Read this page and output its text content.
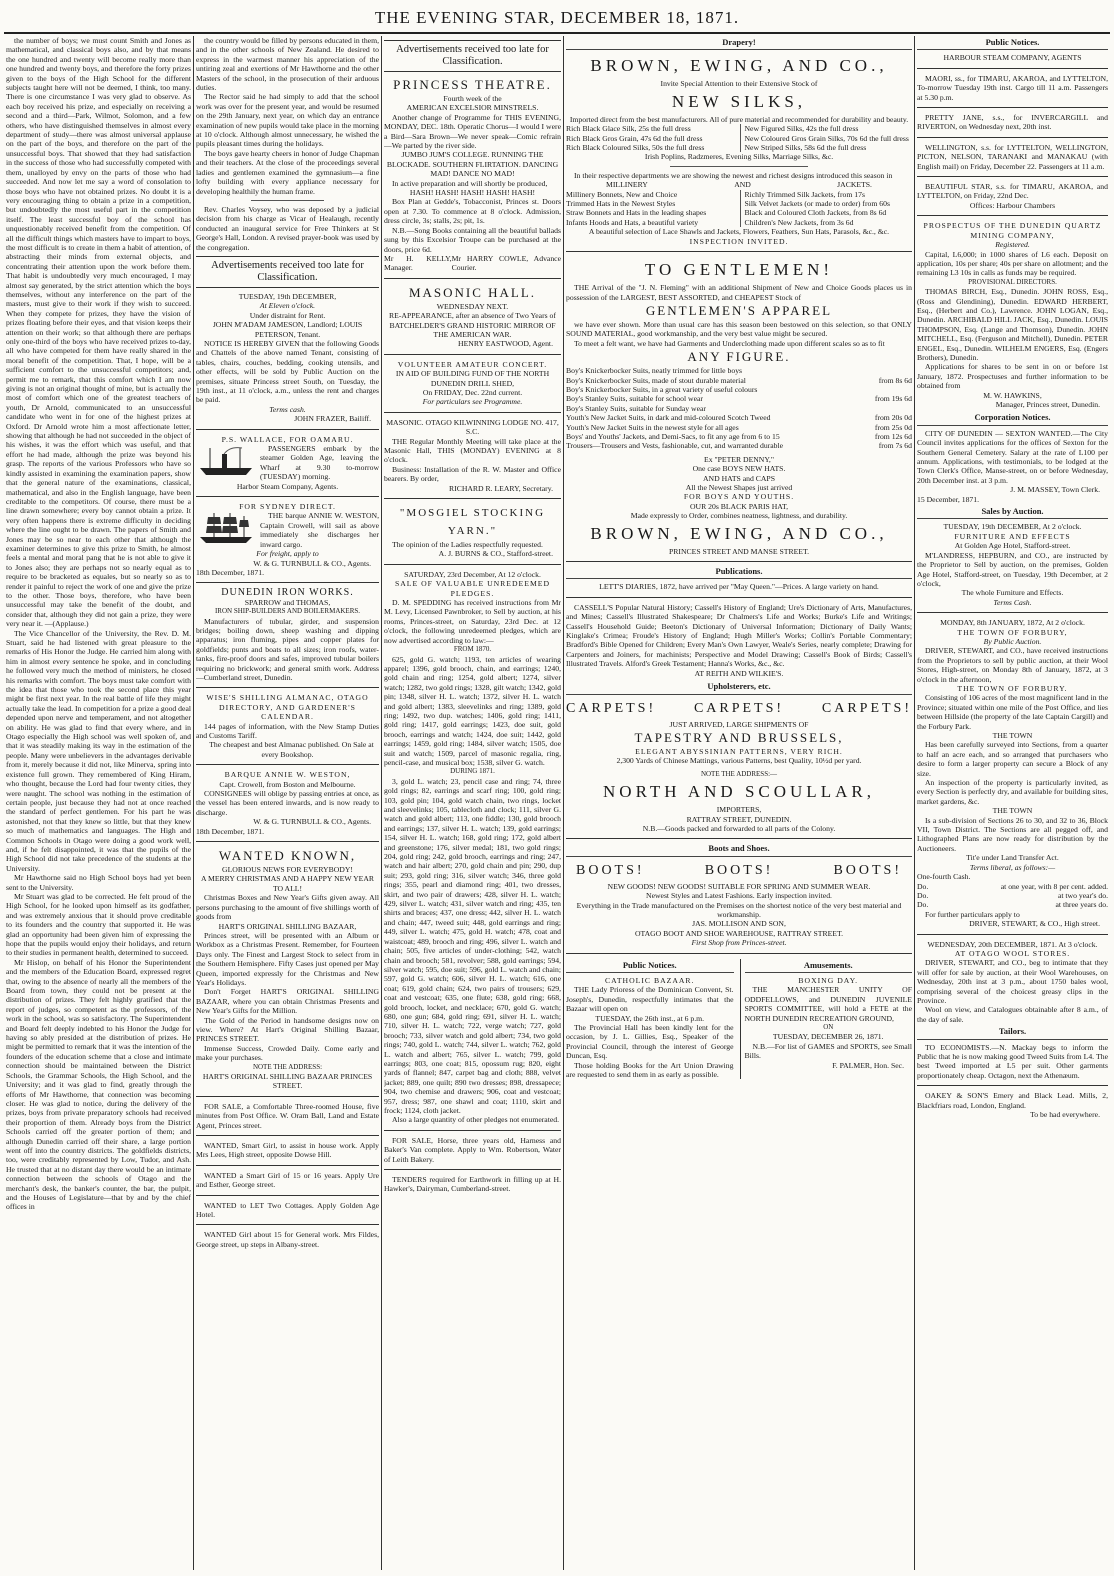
THE EVENING STAR, DECEMBER 18, 1871.

the number of boys; we must count Smith and Jones as mathematical, and classical boys also, and by that means the one hundred and twenty will become really more than one hundred and twenty boys, and therefore the forty prizes given to the boys of the High School for the different subjects taught here will not be deemed, I think, too many. There is one circumstance I was very glad to observe. As each boy received his prize, and especially on receiving a second and a third—Park, Wilmot, Solomon, and a few others, who have distinguished themselves in almost every department of study—there was almost universal applause on the part of the boys, and therefore on the part of the unsuccessful boys. That showed that they had satisfaction in the success of those who had successfully competed with them, unalloyed by envy on the parts of those who had succeeded. And now let me say a word of consolation to those boys who have not obtained prizes. No doubt it is a very encouraging thing to obtain a prize in a competition, but undoubtedly the most useful part in the competition itself. The least successful boy of the school has unquestionably received benefit from the competition. Of all the difficult things which masters have to impart to boys, the most difficult is to create in them a habit of attention, of abstracting their minds from external objects, and concentrating their attention upon the work before them. That habit is undoubtedly very much encouraged, I may almost say generated, by the strict attention which the boys themselves, without any interference on the part of the masters, must give to their work if they wish to succeed. When they compete for prizes, they have the vision of prizes floating before their eyes, and that vision keeps their attention on their work; so that although there are perhaps only one-third of the boys who have received prizes to-day, all who have competed for them have really shared in the moral benefit of the competition. That, I hope, will be a sufficient comfort to the unsuccessful competitors; and, permit me to remark, that this comfort which I am now giving is not an original thought of mine, but is actually the most of comfort which one of the greatest teachers of youth, Dr Arnold, communicated to an unsuccessful candidate who went in for one of the highest prizes at Oxford. Dr Arnold wrote him a most affectionate letter, showing that although he had not succeeded in the object of his wishes, it was the effort which was useful, and that effort he had made, although the prize was beyond his grasp. The reports of the various Professors who have so kindly assisted in examining the examination papers, show that the general nature of the examinations, classical, mathematical, and also in the English language, have been creditable to the competitors. Of course, there must be a line drawn somewhere; every boy cannot obtain a prize. It very often happens there is extreme difficulty in deciding where the line ought to be drawn. The papers of Smith and Jones may be so near to each other that although the examiner determines to give this prize to Smith, he almost feels a mental and moral pang that he is not able to give it to Jones also; they are perhaps not so nearly equal as to require to be bracketed as equales, but so nearly so as to render it painful to reject the work of one and give the prize to the other. Those boys, therefore, who have been unsuccessful may take the benefit of the doubt, and consider that, although they did not gain a prize, they were very near it. —(Applause.)

The Vice Chancellor of the University, the Rev. D. M. Stuart, said he had listened with great pleasure to the remarks of His Honor the Judge. He carried him along with him in almost every sentence he spoke, and in concluding he followed very much the method of ministers, he closed his remarks with comfort. The boys must take comfort with the idea that those who took the second place this year might be first next year. In the real battle of life they might actually take the lead. In competition for a prize a good deal depended upon nerve and temperament, and not altogether on ability. He was glad to find that every where, and in Otago especially the High school was well spoken of, and that it was steadily making its way in the estimation of the people. Many were unbelievers in the advantages derivable from it, merely because it did not, like Minerva, spring into existence full grown. They remembered of King Hiram, who thought, because the Lord had four twenty cities, they were naught. The school was nothing in the estimation of certain people, just because they had not at once reached the standard of perfect gentlemen. For his part he was astonished, not that they knew so little, but that they knew so much of mathematics and languages. The High and Common Schools in Otago were doing a good work well, and, if he felt disappointed, it was that the pupils of the High School did not take precedence of the students at the University.

Mr Hawthorne said no High School boys had yet been sent to the University.

Mr Stuart was glad to be corrected. He felt proud of the High School, for he looked upon himself as its godfather, and was extremely anxious that it should prove creditable to its founders and the country that supported it. He was glad an opportunity had been given him of expressing the hope that the pupils would enjoy their holidays, and return to their studies in permanent health, determined to succeed.

Mr Hislop, on behalf of his Honor the Superintendent and the members of the Education Board, expressed regret that, owing to the absence of nearly all the members of the Board from town, they could not be present at the distribution of prizes. They felt highly gratified that the report of judges, so competent as the professors, of the work in the school, was so satisfactory. The Superintendent and Board felt deeply indebted to his Honor the Judge for having so ably presided at the distribution of prizes. He might be permitted to remark that it was the intention of the founders of the education scheme that a close and intimate connection should be maintained between the District Schools, the Grammar Schools, the High School, and the University; and it was glad to find, greatly through the efforts of Mr Hawthorne, that connection was becoming closer. He was glad to notice, during the delivery of the prizes, boys from private preparatory schools had received their proportion of them. Already boys from the District Schools carried off the greater portion of them; and although Dunedin carried off their share, a large portion went off into the country districts. The goldfields districts, too, were creditably represented by Low, Tudor, and Ash. He trusted that at no distant day there would be an intimate connection between the schools of Otago and the merchant's desk, the banker's counter, the bar, the pulpit, and the Houses of Legislature—that by and by the chief offices in

the country would be filled by persons educated in them, and in the other schools of New Zealand. He desired to express in the warmest manner his appreciation of the untiring zeal and exertions of Mr Hawthorne and the other Masters of the school, in the prosecution of their arduous duties.

The Rector said he had simply to add that the school work was over for the present year, and would be resumed on the 29th January, next year, on which day an entrance examination of new pupils would take place in the morning at 10 o'clock. Although almost unnecessary, he wished the pupils pleasant times during the holidays.

The boys gave hearty cheers in honor of Judge Chapman and their teachers. At the close of the proceedings several ladies and gentlemen examined the gymnasium—a fine lofty building with every appliance necessary for developing healthily the human frame.

Rev. Charles Voysey, who was deposed by a judicial decision from his charge as Vicar of Healaugh, recently conducted an inaugural service for Free Thinkers at St George's Hall, London. A revised prayer-book was used by the congregation.

Advertisements received too late for Classification.
TUESDAY, 19th DECEMBER,
At Eleven o'clock.
Under distraint for Rent.
JOHN M'ADAM JAMESON, Landlord; LOUIS PETERSON, Tenant.

NOTICE IS HEREBY GIVEN that the following Goods and Chattels of the above named Tenant, consisting of tables, chairs, couches, bedding, cooking utensils, and other effects, will be sold by Public Auction on the premises, situate Princess street South, on Tuesday, the 19th inst., at 11 o'clock, a.m., unless the rent and charges be paid.

Terms cash.
JOHN FRAZER, Bailiff.
P.S. WALLACE, FOR OAMARU.

PASSENGERS embark by the steamer Golden Age, leaving the Wharf at 9.30 to-morrow (TUESDAY) morning.

Harbor Steam Company, Agents.
FOR SYDNEY DIRECT.

THE barque ANNIE W. WESTON, Captain Crowell, will sail as above immediately she discharges her inward cargo.

For freight, apply to
W. & G. TURNBULL & CO., Agents.
18th December, 1871.
DUNEDIN IRON WORKS.
SPARROW and THOMAS,
IRON SHIP-BUILDERS AND BOILERMAKERS.

Manufacturers of tubular, girder, and suspension bridges; boiling down, sheep washing and dipping apparatus; iron fluming, pipes and copper plates for goldfields; punts and boats to all sizes; iron roofs, water-tanks, fire-proof doors and safes, improved tubular boilers requiring no brickwork; and general smith work. Address—Cumberland street, Dunedin.

WISE'S SHILLING ALMANAC, OTAGO DIRECTORY, AND GARDENER'S CALENDAR.

144 pages of information, with the New Stamp Duties and Customs Tariff.

The cheapest and best Almanac published. On Sale at every Bookshop.

BARQUE ANNIE W. WESTON,
Capt. Crowell, from Boston and Melbourne.

CONSIGNEES will oblige by passing entries at once, as the vessel has been entered inwards, and is now ready to discharge.

W. & G. TURNBULL & CO., Agents.
18th December, 1871.
WANTED KNOWN,
GLORIOUS NEWS FOR EVERYBODY!
A MERRY CHRISTMAS AND A HAPPY NEW YEAR TO ALL!

Christmas Boxes and New Year's Gifts given away. All persons purchasing to the amount of five shillings worth of goods from

HART'S ORIGINAL SHILLING BAZAAR,

Princes street, will be presented with an Album or Workbox as a Christmas Present. Remember, for Fourteen Days only. The Finest and Largest Stock to select from in the Southern Hemisphere. Fifty Cases just opened per May Queen, imported expressly for the Christmas and New Year's Holidays.

Don't Forget HART'S ORIGINAL SHILLING BAZAAR, where you can obtain Christmas Presents and New Year's Gifts for the Million.

The Gold of the Period in handsome designs now on view. Where? At Hart's Original Shilling Bazaar, PRINCES STREET.

Immense Success, Crowded Daily. Come early and make your purchases.

NOTE THE ADDRESS:
HART'S ORIGINAL SHILLING BAZAAR PRINCES STREET.

FOR SALE, a Comfortable Three-roomed House, five minutes from Post Office. W. Oram Ball, Land and Estate Agent, Princes street.

WANTED, Smart Girl, to assist in house work. Apply Mrs Lees, High street, opposite Dowse Hill.

WANTED a Smart Girl of 15 or 16 years. Apply Ure and Esther, George street.

WANTED to LET Two Cottages. Apply Golden Age Hotel.

WANTED Girl about 15 for General work. Mrs Fildes, George street, up steps in Albany-street.

Advertisements received too late for Classification.
PRINCESS THEATRE.
Fourth week of the
AMERICAN EXCELSIOR MINSTRELS.

Another change of Programme for THIS EVENING, MONDAY, DEC. 18th. Operatic Chorus—I would I were a Bird—Sara Brown—We never speak—Comic refrain—We parted by the river side.

JUMBO JUM'S COLLEGE. RUNNING THE BLOCKADE. SOUTHERN FLIRTATION. DANCING MAD! DANCE NO MAD!

In active preparation and will shortly be produced,

HASH! HASH! HASH! HASH! HASH!

Box Plan at Gedde's, Tobacconist, Princes st. Doors open at 7.30. To commence at 8 o'clock. Admission, dress circle, 3s; stalls, 2s; pit, 1s.

N.B.—Song Books containing all the beautiful ballads sung by this Excelsior Troupe can be purchased at the doors, price 6d.

Mr H. KELLY, Manager.
Mr HARRY COWLE, Advance Courier.
MASONIC HALL.
WEDNESDAY NEXT.
RE-APPEARANCE, after an absence of Two Years of BATCHELDER'S GRAND HISTORIC MIRROR OF THE AMERICAN WAR.
HENRY EASTWOOD, Agent.
VOLUNTEER AMATEUR CONCERT.
IN AID OF BUILDING FUND OF THE NORTH DUNEDIN DRILL SHED,
On FRIDAY, Dec. 22nd current.
For particulars see Programme.
MASONIC. OTAGO KILWINNING LODGE NO. 417, S.C.

THE Regular Monthly Meeting will take place at the Masonic Hall, THIS (MONDAY) EVENING at 8 o'clock.

Business: Installation of the R. W. Master and Office bearers. By order,

RICHARD R. LEARY, Secretary.
"MOSGIEL STOCKING YARN."

The opinion of the Ladies respectfully requested.

A. J. BURNS & CO., Stafford-street.
SATURDAY, 23rd December, At 12 o'clock.
SALE OF VALUABLE UNREDEEMED PLEDGES.

D. M. SPEDDING has received instructions from Mr M. Levy, Licensed Pawnbroker, to Sell by auction, at his rooms, Princes-street, on Saturday, 23rd Dec. at 12 o'clock, the following unredeemed pledges, which are now advertised according to law:—

FROM 1870.

625, gold G. watch; 1193, ten articles of wearing apparel; 1396, gold brooch, chain, and earrings; 1240, gold chain and ring; 1254, gold albert; 1274, silver watch; 1282, two gold rings; 1328, gilt watch; 1342, gold pin; 1348, silver H. L. watch; 1372, silver H. L. watch and gold albert; 1383, sleevelinks and ring; 1389, gold ring; 1492, two dup. watches; 1406, gold ring; 1411, gold ring; 1417, gold earrings; 1423, doe suit, gold brooch, earrings and watch; 1424, doe suit; 1442, gold earrings; 1459, gold ring; 1484, silver watch; 1505, doe suit and watch; 1509, parcel of masonic regalia, ring, pencil-case, and musical box; 1538, silver G. watch.

DURING 1871.

3, gold L. watch; 23, pencil case and ring; 74, three gold rings; 82, earrings and scarf ring; 100, gold ring; 103, gold pin; 104, gold watch chain, two rings, locket and sleevelinks; 105, tablecloth and clock; 111, silver G. watch and gold albert; 113, one fiddle; 130, gold brooch and earrings; 137, silver H. L. watch; 139, gold earrings; 154, silver H. L. watch; 168, gold ring; 172, gold albert and greenstone; 176, silver medal; 181, two gold rings; 204, gold ring; 242, gold brooch, earrings and ring; 247, watch and hair albert; 270, gold chain and pin; 290, dup suit; 293, gold ring; 316, silver watch; 346, three gold rings; 355, pearl and diamond ring; 401, two dresses, skirt, and two pair of drawers; 428, silver H. L. watch; 429, silver L. watch; 431, silver watch and ring; 435, ten shirts and braces; 437, one dress; 442, silver H. L. watch and chain; 447, tweed suit; 448, gold earrings and ring; 449, silver L. watch; 475, gold H. watch; 478, coat and waistcoat; 489, brooch and ring; 496, silver L. watch and chain; 505, five articles of under-clothing; 542, watch chain and brooch; 581, revolver; 588, gold earrings; 594, silver watch; 595, doe suit; 596, gold L. watch and chain; 597, gold G. watch; 606, silver H. L. watch; 616, one coat; 619, gold chain; 624, two pairs of trousers; 629, coat and vestcoat; 635, one flute; 638, gold ring; 668, gold brooch, locket, and necklace; 670, gold G. watch; 680, one gun; 684, gold ring; 691, silver H. L. watch; 710, silver H. L. watch; 722, verge watch; 727, gold brooch; 733, silver watch and gold albert; 734, two gold rings; 740, gold L. watch; 744, silver L. watch; 762, gold L. watch and albert; 765, silver L. watch; 799, gold earrings; 803, one coat; 815, opossum rug; 820, eight yards of flannel; 847, carpet bag and cloth; 888, velvet jacket; 889, one quilt; 890 two dresses; 898, dressapece; 904, two chemise and drawers; 906, coat and vestcoat; 957, dress; 987, one shawl and coat; 1110, skirt and frock; 1124, cloth jacket.

Also a large quantity of other pledges not enumerated.

FOR SALE, Horse, three years old, Harness and Baker's Van complete. Apply to Wm. Robertson, Water of Leith Bakery.

TENDERS required for Earthwork in filling up at H. Hawker's, Dairyman, Cumberland-street.

Drapery!
BROWN, EWING, AND CO.,
Invite Special Attention to their Extensive Stock of
NEW SILKS,
Imported direct from the best manufacturers. All of pure material and recommended for durability and beauty.
Rich Black Glace Silk, 25s the full dress
Rich Black Gros Grain, 47s 6d the full dress
Rich Black Coloured Silks, 50s the full dress
New Figured Silks, 42s the full dress
New Coloured Gros Grain Silks, 70s 6d the full dress
New Striped Silks, 58s 6d the full dress
Irish Poplins, Radzmeres, Evening Silks, Marriage Silks, &c.

In their respective departments we are showing the newest and richest designs introduced this season in

MILLINERY	AND	JACKETS.
Millinery Bonnets, New and Choice
Trimmed Hats in the Newest Styles
Straw Bonnets and Hats in the leading shapes
Infants Hoods and Hats, a beautiful variety
Richly Trimmed Silk Jackets, from 17s
Silk Velvet Jackets (or made to order) from 60s
Black and Coloured Cloth Jackets, from 8s 6d
Children's New Jackets, from 3s 6d
A beautiful selection of Lace Shawls and Jackets, Flowers, Feathers, Sun Hats, Parasols, &c., &c.
INSPECTION INVITED.
TO GENTLEMEN!

THE Arrival of the "J. N. Fleming" with an additional Shipment of New and Choice Goods places us in possession of the LARGEST, BEST ASSORTED, and CHEAPEST Stock of

GENTLEMEN'S APPAREL

we have ever shown. More than usual care has this season been bestowed on this selection, so that ONLY SOUND MATERIAL, good workmanship, and the very best value might be secured.

To meet a felt want, we have had Garments and Underclothing made upon different scales so as to fit

ANY FIGURE.
Boy's Knickerbocker Suits, neatly trimmed for little boys
Boy's Knickerbocker Suits, made of stout durable material	from 8s 6d
Boy's Knickerbocker Suits, in a great variety of useful colours
Boy's Stanley Suits, suitable for school wear	from 19s 6d
Boy's Stanley Suits, suitable for Sunday wear
Youth's New Jacket Suits, in dark and mid-coloured Scotch Tweed	from 20s 0d
Youth's New Jacket Suits in the newest style for all ages	from 25s 0d
Boys' and Youths' Jackets, and Demi-Sacs, to fit any age from 6 to 15	from 12s 6d
Trousers—Trousers and Vests, fashionable, cut, and warranted durable	from 7s 6d
Ex "PETER DENNY,"
One case BOYS NEW HATS.
AND HATS and CAPS
All the Newest Shapes just arrived
FOR BOYS AND YOUTHS.
OUR 20s BLACK PARIS HAT,
Made expressly to Order, combines neatness, lightness, and durability.
BROWN, EWING, AND CO.,
PRINCES STREET AND MANSE STREET.
Publications.
LETT'S DIARIES, 1872, have arrived per "May Queen."—Prices. A large variety on hand.

CASSELL'S Popular Natural History; Cassell's History of England; Ure's Dictionary of Arts, Manufactures, and Mines; Cassell's Illustrated Shakespeare; Dr Chalmers's Life and Works; Burke's Life and Writings; Cassell's Household Guide; Beeton's Dictionary of Universal Information; Dictionary of Daily Wants; Kinglake's Crimea; Froude's History of England; Hugh Miller's Works; Collin's Portable Commentary; Bradford's Bible Opened for Children; Every Man's Own Lawyer, Weale's Series, nearly complete; Drawing for Carpenters and Joiners, for machinists; Perspective and Model Drawing; Cassell's Book of Birds; Cassell's Illustrated Travels. Alford's Greek Testament; Hanna's Works, &c., &c.

AT REITH AND WILKIE'S.
Upholsterers, etc.
CARPETS!	CARPETS!	CARPETS!
JUST ARRIVED, LARGE SHIPMENTS OF
TAPESTRY AND BRUSSELS,
ELEGANT ABYSSINIAN PATTERNS, VERY RICH.
2,300 Yards of Chinese Mattings, various Patterns, best Quality, 10½d per yard.
NOTE THE ADDRESS:—
NORTH AND SCOULLAR,
IMPORTERS,
RATTRAY STREET, DUNEDIN.
N.B.—Goods packed and forwarded to all parts of the Colony.
Boots and Shoes.
BOOTS!	BOOTS!	BOOTS!
NEW GOODS! NEW GOODS! SUITABLE FOR SPRING AND SUMMER WEAR.
Newest Styles and Latest Fashions. Early inspection invited.
Everything in the Trade manufactured on the Premises on the shortest notice of the very best material and workmanship.
JAS. MOLLISON AND SON,
OTAGO BOOT AND SHOE WAREHOUSE, RATTRAY STREET.
First Shop from Princes-street.
Public Notices.
CATHOLIC BAZAAR.

THE Lady Prioress of the Dominican Convent, St. Joseph's, Dunedin, respectfully intimates that the Bazaar will open on

TUESDAY, the 26th inst., at 6 p.m.

The Provincial Hall has been kindly lent for the occasion, by J. L. Gillies, Esq., Speaker of the Provincial Council, through the interest of George Duncan, Esq.

Those holding Books for the Art Union Drawing are requested to send them in as early as possible.

Amusements.
BOXING DAY.

THE MANCHESTER UNITY OF ODDFELLOWS, and DUNEDIN JUVENILE SPORTS COMMITTEE, will hold a FETE at the NORTH DUNEDIN RECREATION GROUND,

ON
TUESDAY, DECEMBER 26, 1871.

N.B.—For list of GAMES and SPORTS, see Small Bills.

F. PALMER, Hon. Sec.
Public Notices.
HARBOUR STEAM COMPANY, AGENTS

MAORI, ss., for TIMARU, AKAROA, and LYTTELTON, To-morrow Tuesday 19th inst. Cargo till 11 a.m. Passengers at 5.30 p.m.

PRETTY JANE, s.s., for INVERCARGILL and RIVERTON, on Wednesday next, 20th inst.

WELLINGTON, s.s. for LYTTELTON, WELLINGTON, PICTON, NELSON, TARANAKI and MANAKAU (with English mail) on Friday, December 22. Passengers at 11 a.m.

BEAUTIFUL STAR, s.s. for TIMARU, AKAROA, and LYTTELTON, on Friday, 22nd Dec.

Offices: Harbour Chambers
PROSPECTUS OF THE DUNEDIN QUARTZ MINING COMPANY,
Registered.

Capital, L6,000; in 1000 shares of L6 each. Deposit on application, 10s per share; 40s per share on allotment; and the remaining L3 10s in calls as funds may be required.

PROVISIONAL DIRECTORS.

THOMAS BIRCH, Esq., Dunedin. JOHN ROSS, Esq., (Ross and Glendining), Dunedin. EDWARD HERBERT, Esq., (Herbert and Co.), Lawrence. JOHN LOGAN, Esq., Dunedin. ARCHIBALD HILL JACK, Esq., Dunedin. LOUIS THOMPSON, Esq. (Lange and Thomson), Dunedin. JOHN MITCHELL, Esq. (Ferguson and Mitchell), Dunedin. PETER ENGEL, Esq., Dunedin. WILHELM ENGERS, Esq. (Engers Brothers), Dunedin.

Applications for shares to be sent in on or before 1st January, 1872. Prospectuses and further information to be obtained from

M. W. HAWKINS,
Manager, Princes street, Dunedin.
Corporation Notices.

CITY OF DUNEDIN — SEXTON WANTED.—The City Council invites applications for the offices of Sexton for the Southern General Cemetery. Salary at the rate of L100 per annum. Applications, with testimonials, to be lodged at the Town Clerk's Office, Manse-street, on or before Wednesday, 20th December inst. at 3 p.m.

J. M. MASSEY, Town Clerk.
15 December, 1871.
Sales by Auction.
TUESDAY, 19th DECEMBER, At 2 o'clock.
FURNITURE AND EFFECTS
At Golden Age Hotel, Stafford-street.

M'LANDRESS, HEPBURN, and CO., are instructed by the Proprietor to Sell by auction, on the premises, Golden Age Hotel, Stafford-street, on Tuesday, 19th December, at 2 o'clock,

The whole Furniture and Effects.
Terms Cash.
MONDAY, 8th JANUARY, 1872, At 2 o'clock.
THE TOWN OF FORBURY,
By Public Auction.

DRIVER, STEWART, and CO., have received instructions from the Proprietors to sell by public auction, at their Wool Stores, High-street, on Monday 8th of January, 1872, at 3 o'clock in the afternoon,

THE TOWN OF FORBURY.

Consisting of 106 acres of the most magnificent land in the Province; situated within one mile of the Post Office, and lies between Hillside (the property of the late Captain Cargill) and the Forbury Park.

THE TOWN

Has been carefully surveyed into Sections, from a quarter to half an acre each, and so arranged that purchasers who desire to form a larger property can secure a Block of any size.

An inspection of the property is particularly invited, as every Section is perfectly dry, and available for building sites, market gardens, &c.

THE TOWN

Is a sub-division of Sections 26 to 30, and 32 to 36, Block VII, Town District. The Sections are all pegged off, and Lithographed Plans are now ready for distribution by the Auctioneers.

Tit'e under Land Transfer Act.
Terms liberal, as follows:—
One-fourth Cash.
Do.	at one year, with 8 per cent. added.
Do.	at two year's do.
Do.	at three years do.

For further particulars apply to

DRIVER, STEWART, & CO., High street.
WEDNESDAY, 20th DECEMBER, 1871. At 3 o'clock.
AT OTAGO WOOL STORES.

DRIVER, STEWART, and CO., beg to intimate that they will offer for sale by auction, at their Wool Warehouses, on Wednesday, 20th inst at 3 p.m., about 1750 bales wool, comprising several of the choicest greasy clips in the Province.

Wool on view, and Catalogues obtainable after 8 a.m., of the day of sale.

Tailors.

TO ECONOMISTS.—N. Mackay begs to inform the Public that he is now making good Tweed Suits from L4. The best Tweed imported at L5 per suit. Other garments proportionately cheap. Octagon, next the Athenæum.

OAKEY & SON'S Emery and Black Lead. Mills, 2, Blackfriars road, London, England.

To be had everywhere.
